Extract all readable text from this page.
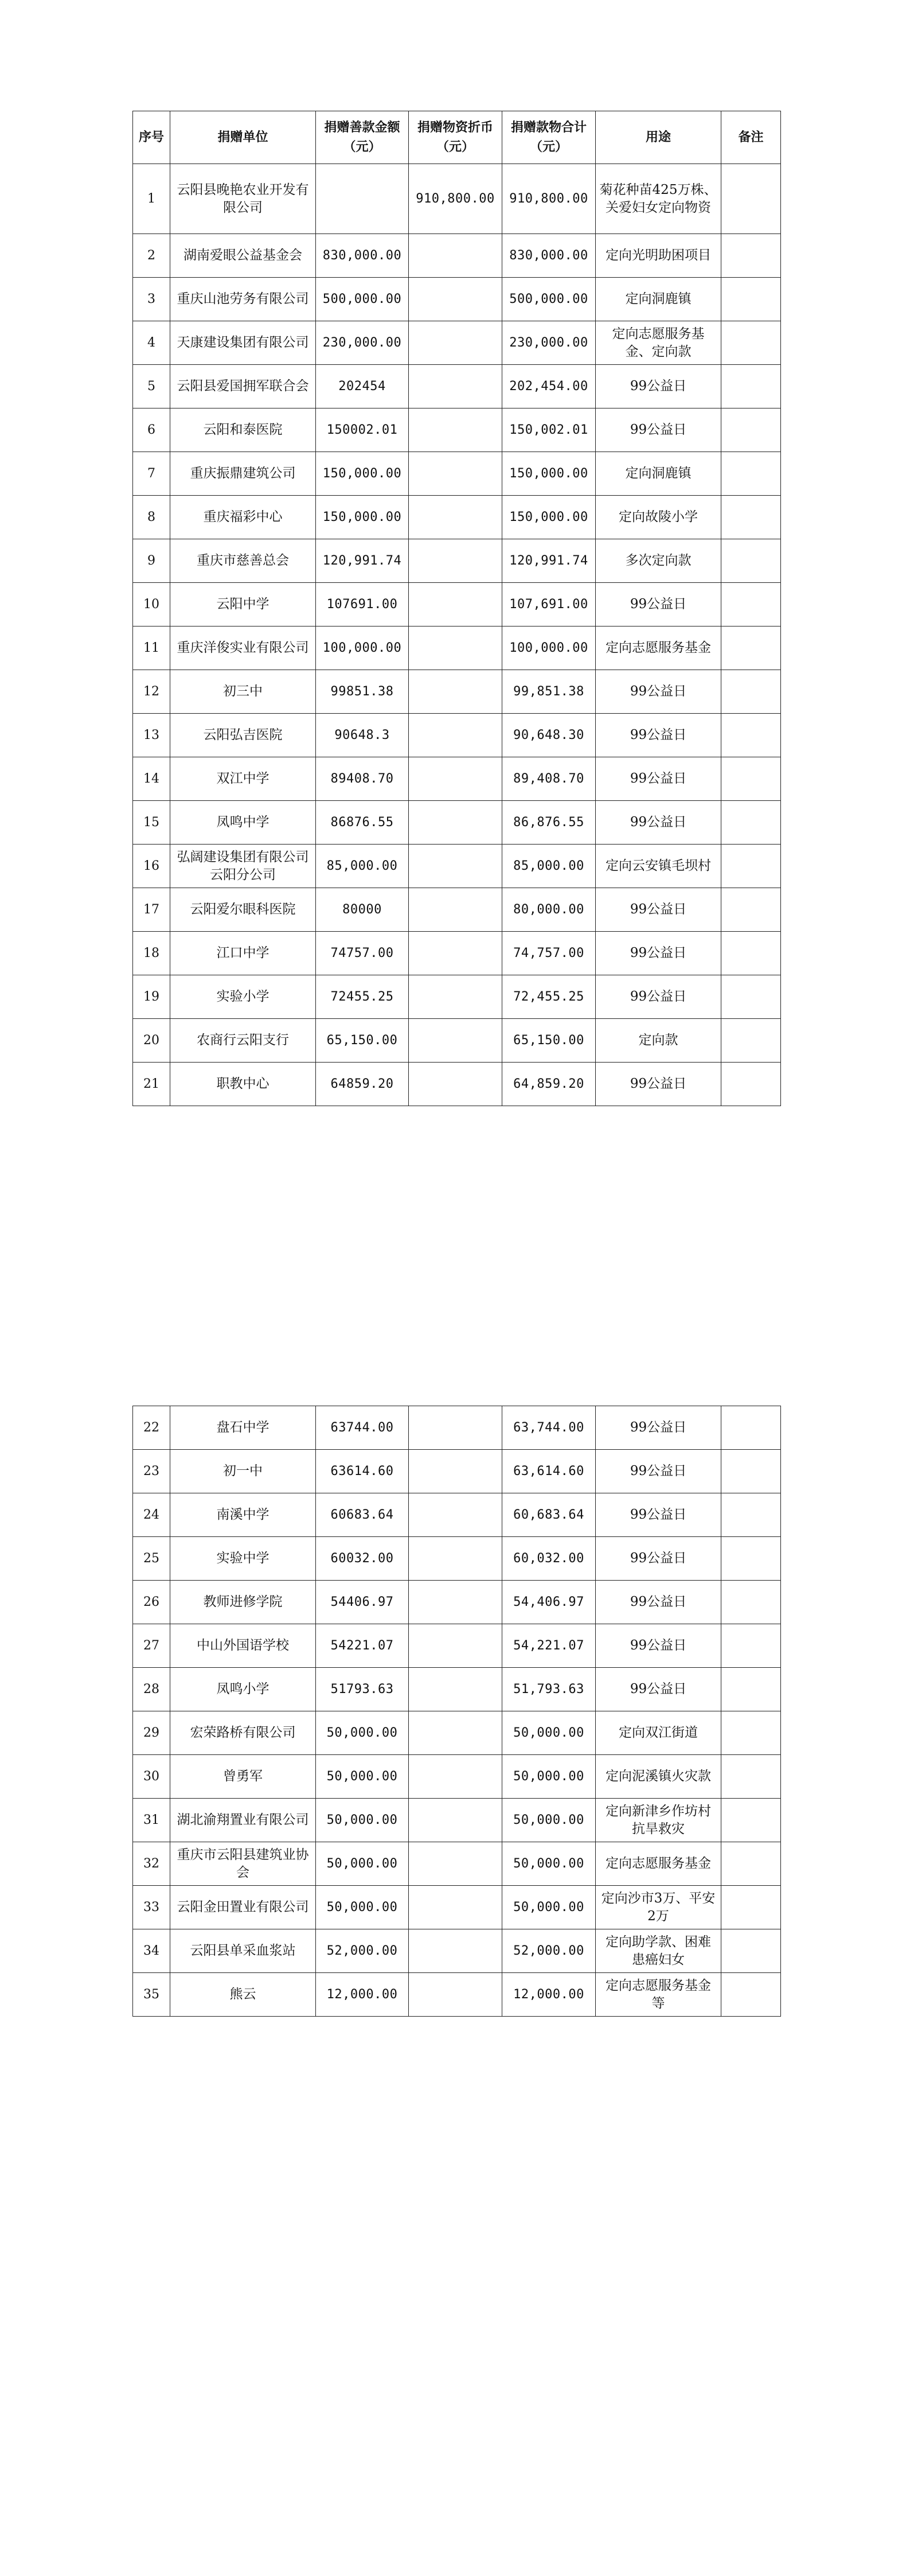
序号	捐赠单位	捐赠善款金额（元）	捐赠物资折币（元）	捐赠款物合计（元）	用途	备注
1	云阳县晚艳农业开发有限公司		910,800.00	910,800.00	菊花种苗425万株、关爱妇女定向物资	
2	湖南爱眼公益基金会	830,000.00		830,000.00	定向光明助困项目	
3	重庆山池劳务有限公司	500,000.00		500,000.00	定向洞鹿镇	
4	天康建设集团有限公司	230,000.00		230,000.00	定向志愿服务基金、定向款	
5	云阳县爱国拥军联合会	202454		202,454.00	99公益日	
6	云阳和泰医院	150002.01		150,002.01	99公益日	
7	重庆振鼎建筑公司	150,000.00		150,000.00	定向洞鹿镇	
8	重庆福彩中心	150,000.00		150,000.00	定向故陵小学	
9	重庆市慈善总会	120,991.74		120,991.74	多次定向款	
10	云阳中学	107691.00		107,691.00	99公益日	
11	重庆洋俊实业有限公司	100,000.00		100,000.00	定向志愿服务基金	
12	初三中	99851.38		99,851.38	99公益日	
13	云阳弘吉医院	90648.3		90,648.30	99公益日	
14	双江中学	89408.70		89,408.70	99公益日	
15	凤鸣中学	86876.55		86,876.55	99公益日	
16	弘阔建设集团有限公司云阳分公司	85,000.00		85,000.00	定向云安镇毛坝村	
17	云阳爱尔眼科医院	80000		80,000.00	99公益日	
18	江口中学	74757.00		74,757.00	99公益日	
19	实验小学	72455.25		72,455.25	99公益日	
20	农商行云阳支行	65,150.00		65,150.00	定向款	
21	职教中心	64859.20		64,859.20	99公益日	
22	盘石中学	63744.00		63,744.00	99公益日	
23	初一中	63614.60		63,614.60	99公益日	
24	南溪中学	60683.64		60,683.64	99公益日	
25	实验中学	60032.00		60,032.00	99公益日	
26	教师进修学院	54406.97		54,406.97	99公益日	
27	中山外国语学校	54221.07		54,221.07	99公益日	
28	凤鸣小学	51793.63		51,793.63	99公益日	
29	宏荣路桥有限公司	50,000.00		50,000.00	定向双江街道	
30	曾勇军	50,000.00		50,000.00	定向泥溪镇火灾款	
31	湖北渝翔置业有限公司	50,000.00		50,000.00	定向新津乡作坊村抗旱救灾	
32	重庆市云阳县建筑业协会	50,000.00		50,000.00	定向志愿服务基金	
33	云阳金田置业有限公司	50,000.00		50,000.00	定向沙市3万、平安2万	
34	云阳县单采血浆站	52,000.00		52,000.00	定向助学款、困难患癌妇女	
35	熊云	12,000.00		12,000.00	定向志愿服务基金等	
